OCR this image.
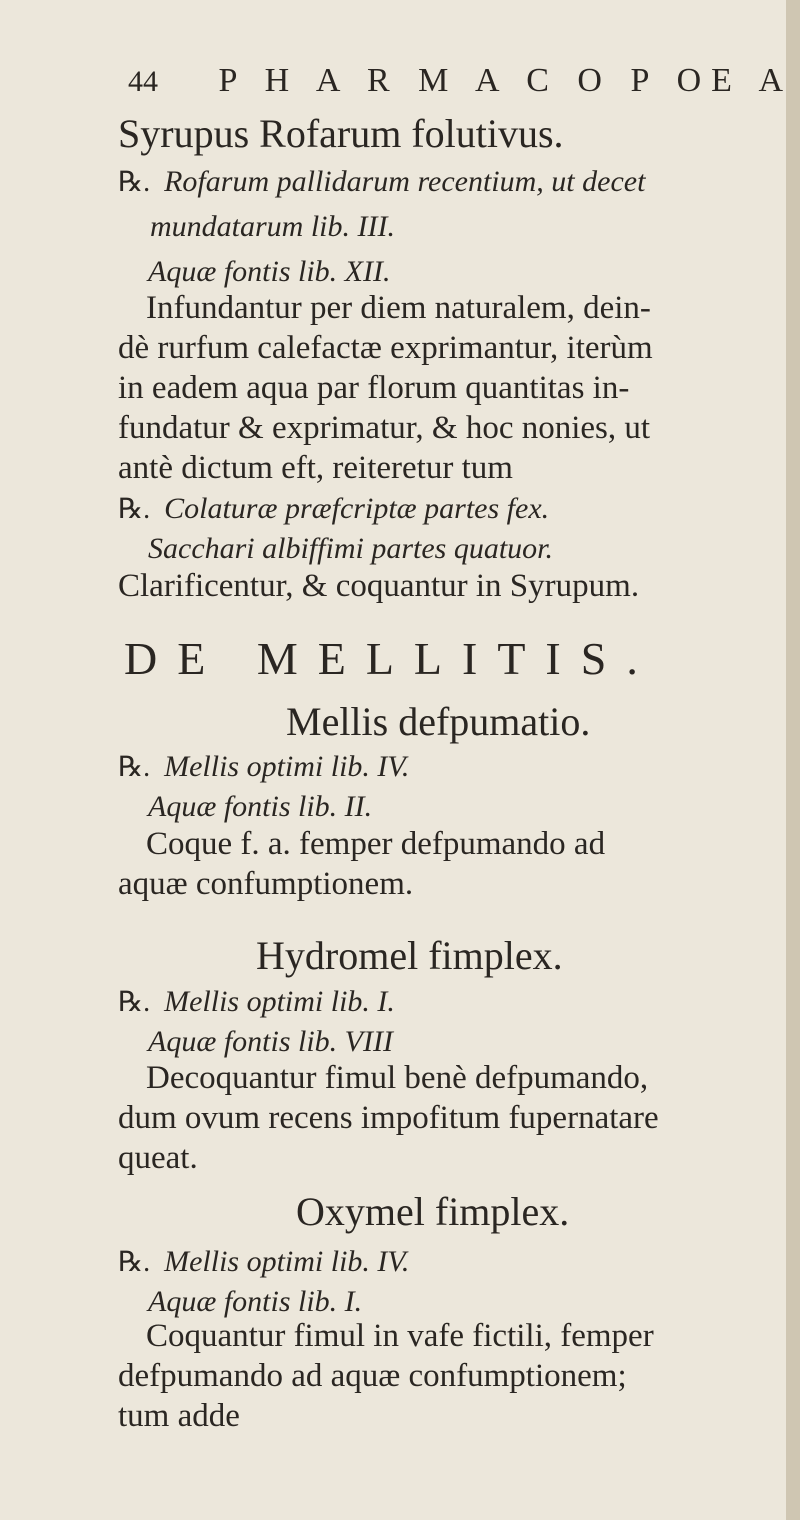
44 P H A R M A C O P OE A
Syrupus Rofarum folutivus.
℞. Rofarum pallidarum recentium, ut decet
mundatarum lib. III.
Aquæ fontis lib. XII.
Infundantur per diem naturalem, dein-
dè rurfum calefactæ exprimantur, iterùm
in eadem aqua par florum quantitas in-
fundatur & exprimatur, & hoc nonies, ut
antè dictum eft, reiteretur tum
℞. Colaturæ præfcriptæ partes fex.
Sacchari albiffimi partes quatuor.
Clarificentur, & coquantur in Syrupum.
DE MELLITIS.
Mellis defpumatio.
℞. Mellis optimi lib. IV.
Aquæ fontis lib. II.
Coque f. a. femper defpumando ad
aquæ confumptionem.
Hydromel fimplex.
℞. Mellis optimi lib. I.
Aquæ fontis lib. VIII
Decoquantur fimul benè defpumando,
dum ovum recens impofitum fupernatare
queat.
Oxymel fimplex.
℞. Mellis optimi lib. IV.
Aquæ fontis lib. I.
Coquantur fimul in vafe fictili, femper
defpumando ad aquæ confumptionem;
tum adde
